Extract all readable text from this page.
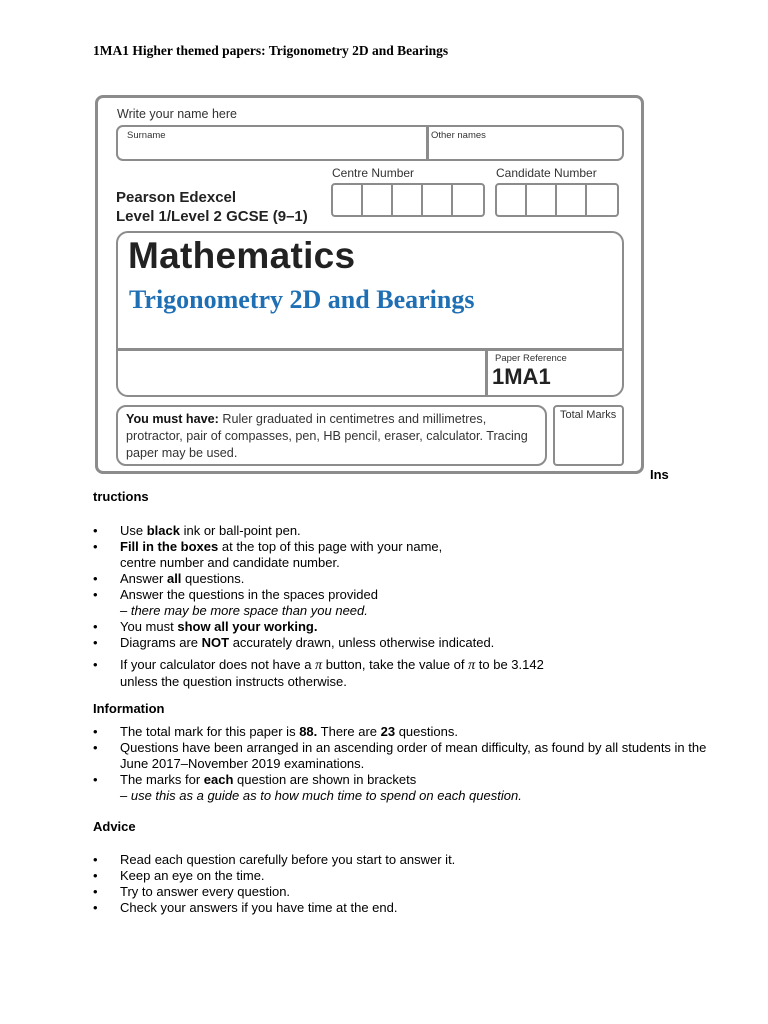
1MA1 Higher themed papers: Trigonometry 2D and Bearings
Write your name here
Surname	Other names
Centre Number	Candidate Number
Pearson Edexcel
Level 1/Level 2 GCSE (9–1)
Mathematics
Trigonometry 2D and Bearings
Paper Reference
1MA1
You must have: Ruler graduated in centimetres and millimetres, protractor, pair of compasses, pen, HB pencil, eraser, calculator. Tracing paper may be used.
Total Marks
Ins
tructions
• Use black ink or ball-point pen.
• Fill in the boxes at the top of this page with your name,
centre number and candidate number.
• Answer all questions.
• Answer the questions in the spaces provided
– there may be more space than you need.
• You must show all your working.
• Diagrams are NOT accurately drawn, unless otherwise indicated.
• If your calculator does not have a π button, take the value of π to be 3.142
unless the question instructs otherwise.
Information
• The total mark for this paper is 88. There are 23 questions.
• Questions have been arranged in an ascending order of mean difficulty, as found by all students in the June 2017–November 2019 examinations.
• The marks for each question are shown in brackets
– use this as a guide as to how much time to spend on each question.
Advice
• Read each question carefully before you start to answer it.
• Keep an eye on the time.
• Try to answer every question.
• Check your answers if you have time at the end.
